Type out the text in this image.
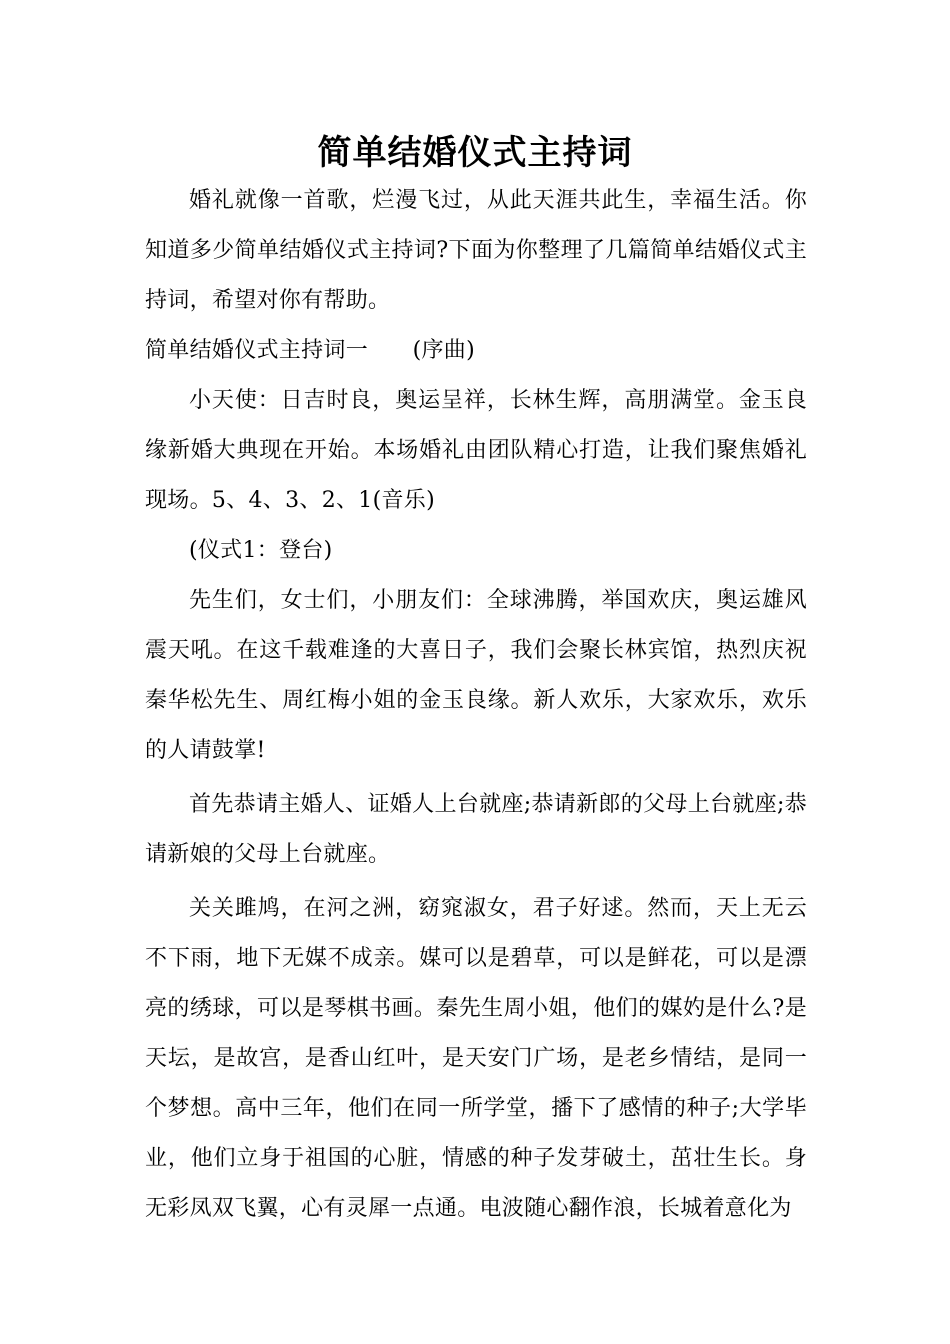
简单结婚仪式主持词

婚礼就像一首歌，烂漫飞过，从此天涯共此生，幸福生活。你知道多少简单结婚仪式主持词?下面为你整理了几篇简单结婚仪式主持词，希望对你有帮助。

简单结婚仪式主持词一　　(序曲)

小天使：日吉时良，奥运呈祥，长林生辉，高朋满堂。金玉良缘新婚大典现在开始。本场婚礼由团队精心打造，让我们聚焦婚礼现场。5、4、3、2、1(音乐)

(仪式1：登台)

先生们，女士们，小朋友们：全球沸腾，举国欢庆，奥运雄风震天吼。在这千载难逢的大喜日子，我们会聚长林宾馆，热烈庆祝秦华松先生、周红梅小姐的金玉良缘。新人欢乐，大家欢乐，欢乐的人请鼓掌!

首先恭请主婚人、证婚人上台就座;恭请新郎的父母上台就座;恭请新娘的父母上台就座。

关关雎鸠，在河之洲，窈窕淑女，君子好逑。然而，天上无云不下雨，地下无媒不成亲。媒可以是碧草，可以是鲜花，可以是漂亮的绣球，可以是琴棋书画。秦先生周小姐，他们的媒妁是什么?是天坛，是故宫，是香山红叶，是天安门广场，是老乡情结，是同一个梦想。高中三年，他们在同一所学堂，播下了感情的种子;大学毕业，他们立身于祖国的心脏，情感的种子发芽破土，茁壮生长。身无彩凤双飞翼，心有灵犀一点通。电波随心翻作浪，长城着意化为
